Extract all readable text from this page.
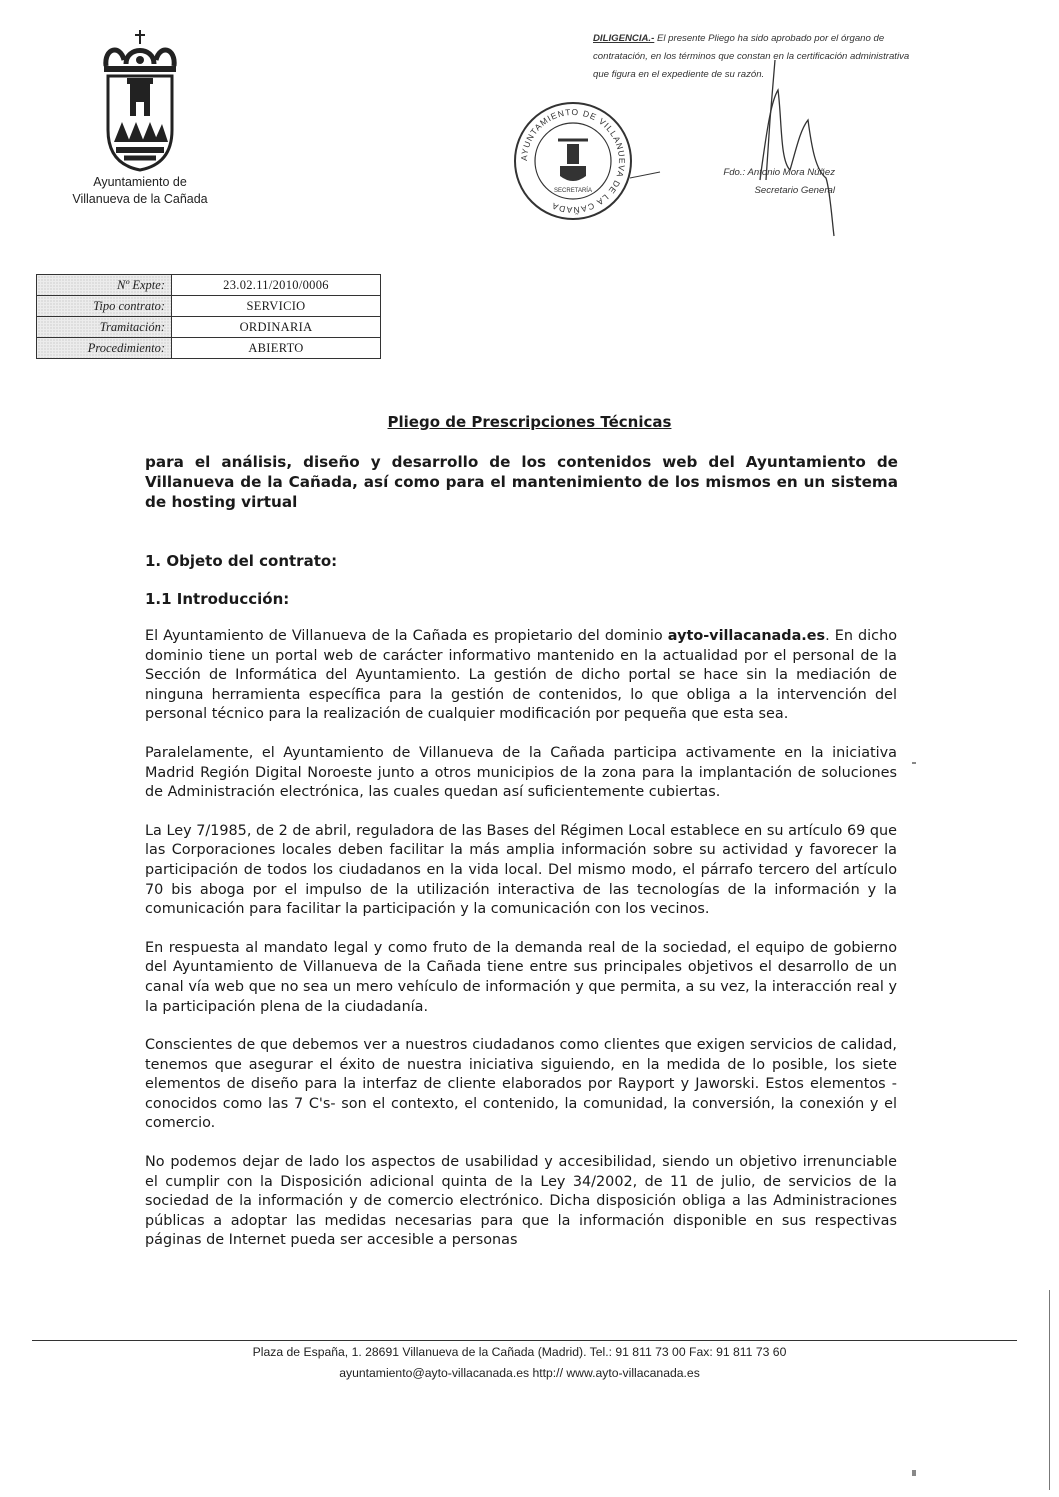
Ayuntamiento de
Villanueva de la Cañada
DILIGENCIA.- El presente Pliego ha sido aprobado por el órgano de
contratación, en los términos que constan en la certificación administrativa
que figura en el expediente de su razón.
AYUNTAMIENTO DE VILLANUEVA DE LA CAÑADA
SECRETARÍA
Fdo.: Antonio Mora Núñez
Secretario General
Nº Expte:	23.02.11/2010/0006
Tipo contrato:	SERVICIO
Tramitación:	ORDINARIA
Procedimiento:	ABIERTO
Pliego de Prescripciones Técnicas
para el análisis, diseño y desarrollo de los contenidos web del Ayuntamiento de Villanueva de la Cañada, así como para el mantenimiento de los mismos en un sistema de hosting virtual
1. Objeto del contrato:
1.1 Introducción:

El Ayuntamiento de Villanueva de la Cañada es propietario del dominio ayto-villacanada.es. En dicho dominio tiene un portal web de carácter informativo mantenido en la actualidad por el personal de la Sección de Informática del Ayuntamiento. La gestión de dicho portal se hace sin la mediación de ninguna herramienta específica para la gestión de contenidos, lo que obliga a la intervención del personal técnico para la realización de cualquier modificación por pequeña que esta sea.

Paralelamente, el Ayuntamiento de Villanueva de la Cañada participa activamente en la iniciativa Madrid Región Digital Noroeste junto a otros municipios de la zona para la implantación de soluciones de Administración electrónica, las cuales quedan así suficientemente cubiertas.

La Ley 7/1985, de 2 de abril, reguladora de las Bases del Régimen Local establece en su artículo 69 que las Corporaciones locales deben facilitar la más amplia información sobre su actividad y favorecer la participación de todos los ciudadanos en la vida local. Del mismo modo, el párrafo tercero del artículo 70 bis aboga por el impulso de la utilización interactiva de las tecnologías de la información y la comunicación para facilitar la participación y la comunicación con los vecinos.

En respuesta al mandato legal y como fruto de la demanda real de la sociedad, el equipo de gobierno del Ayuntamiento de Villanueva de la Cañada tiene entre sus principales objetivos el desarrollo de un canal vía web que no sea un mero vehículo de información y que permita, a su vez, la interacción real y la participación plena de la ciudadanía.

Conscientes de que debemos ver a nuestros ciudadanos como clientes que exigen servicios de calidad, tenemos que asegurar el éxito de nuestra iniciativa siguiendo, en la medida de lo posible, los siete elementos de diseño para la interfaz de cliente elaborados por Rayport y Jaworski. Estos elementos -conocidos como las 7 C's- son el contexto, el contenido, la comunidad, la conversión, la conexión y el comercio.

No podemos dejar de lado los aspectos de usabilidad y accesibilidad, siendo un objetivo irrenunciable el cumplir con la Disposición adicional quinta de la Ley 34/2002, de 11 de julio, de servicios de la sociedad de la información y de comercio electrónico. Dicha disposición obliga a las Administraciones públicas a adoptar las medidas necesarias para que la información disponible en sus respectivas páginas de Internet pueda ser accesible a personas

Plaza de España, 1. 28691 Villanueva de la Cañada (Madrid). Tel.: 91 811 73 00 Fax: 91 811 73 60
ayuntamiento@ayto-villacanada.es http:// www.ayto-villacanada.es
